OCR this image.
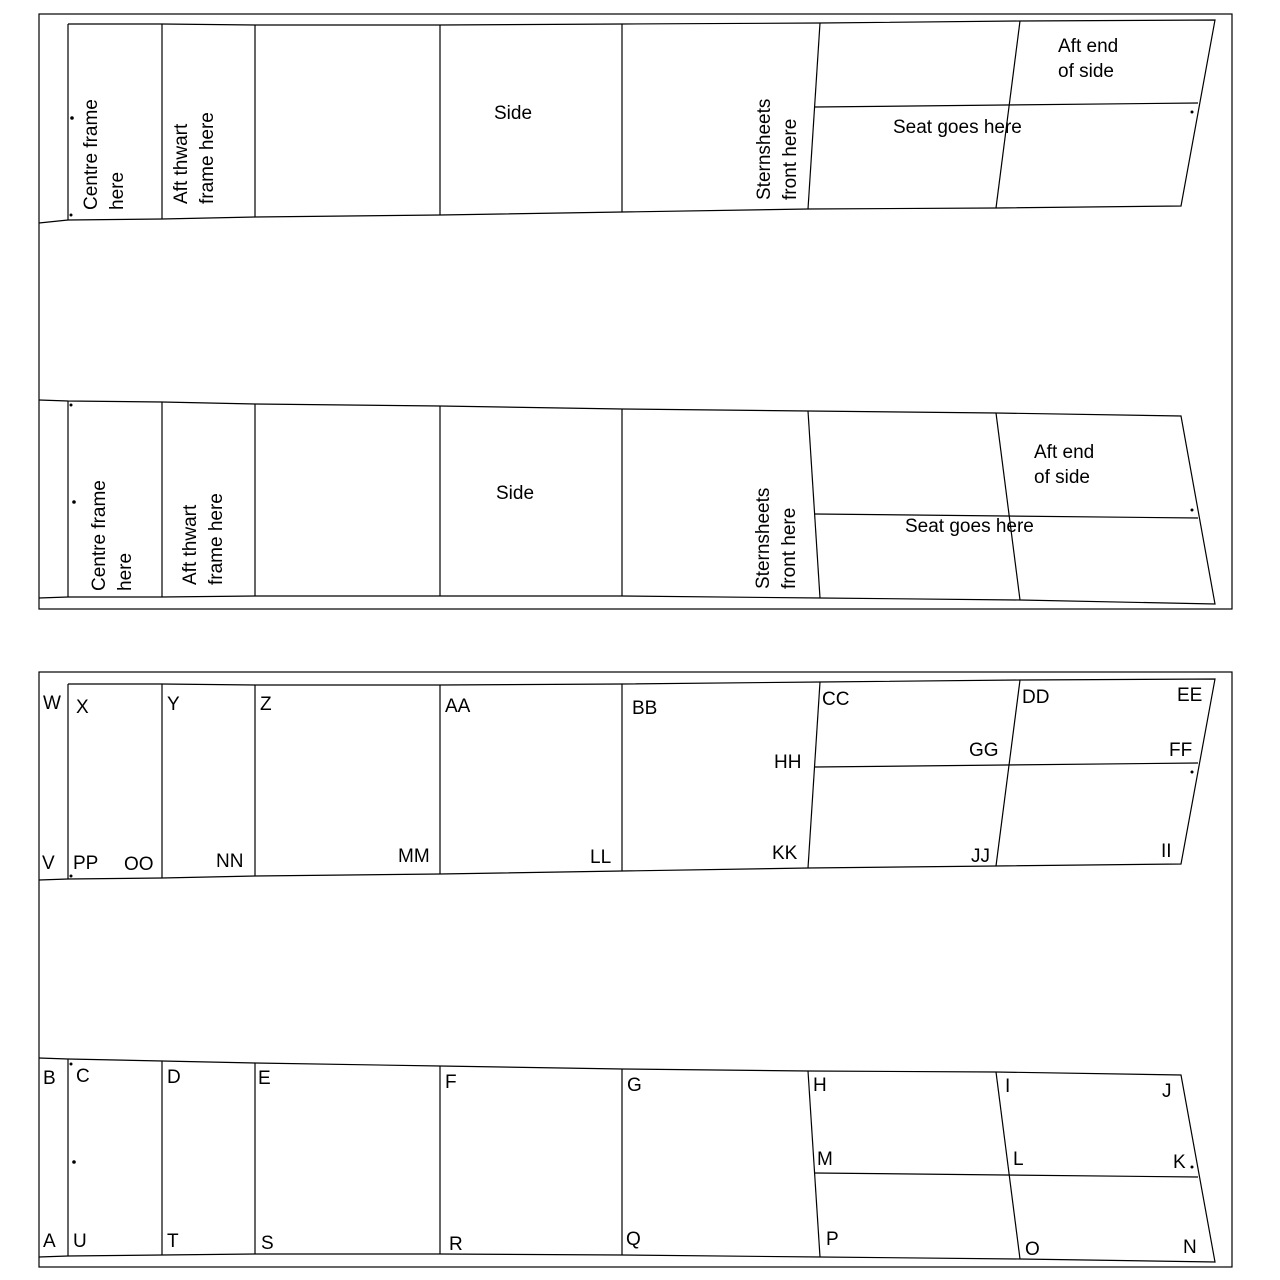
Centre frame here Aft thwart frame here	Side	Sternsheets front here	Seat goes here
Aft end of side
Centre frame here Aft thwart frame here	Side	Sternsheets front here	Seat goes here
Aft end of side
W X	Y	Z	AA	BB	CC	DD	EE
HH
GG	FF
V PP OO	NN	MM	LL	KK	JJ	II
B C	D	E	F	G	H	I	J
M	L	K
A U	T	S	R	Q	P	O	N
